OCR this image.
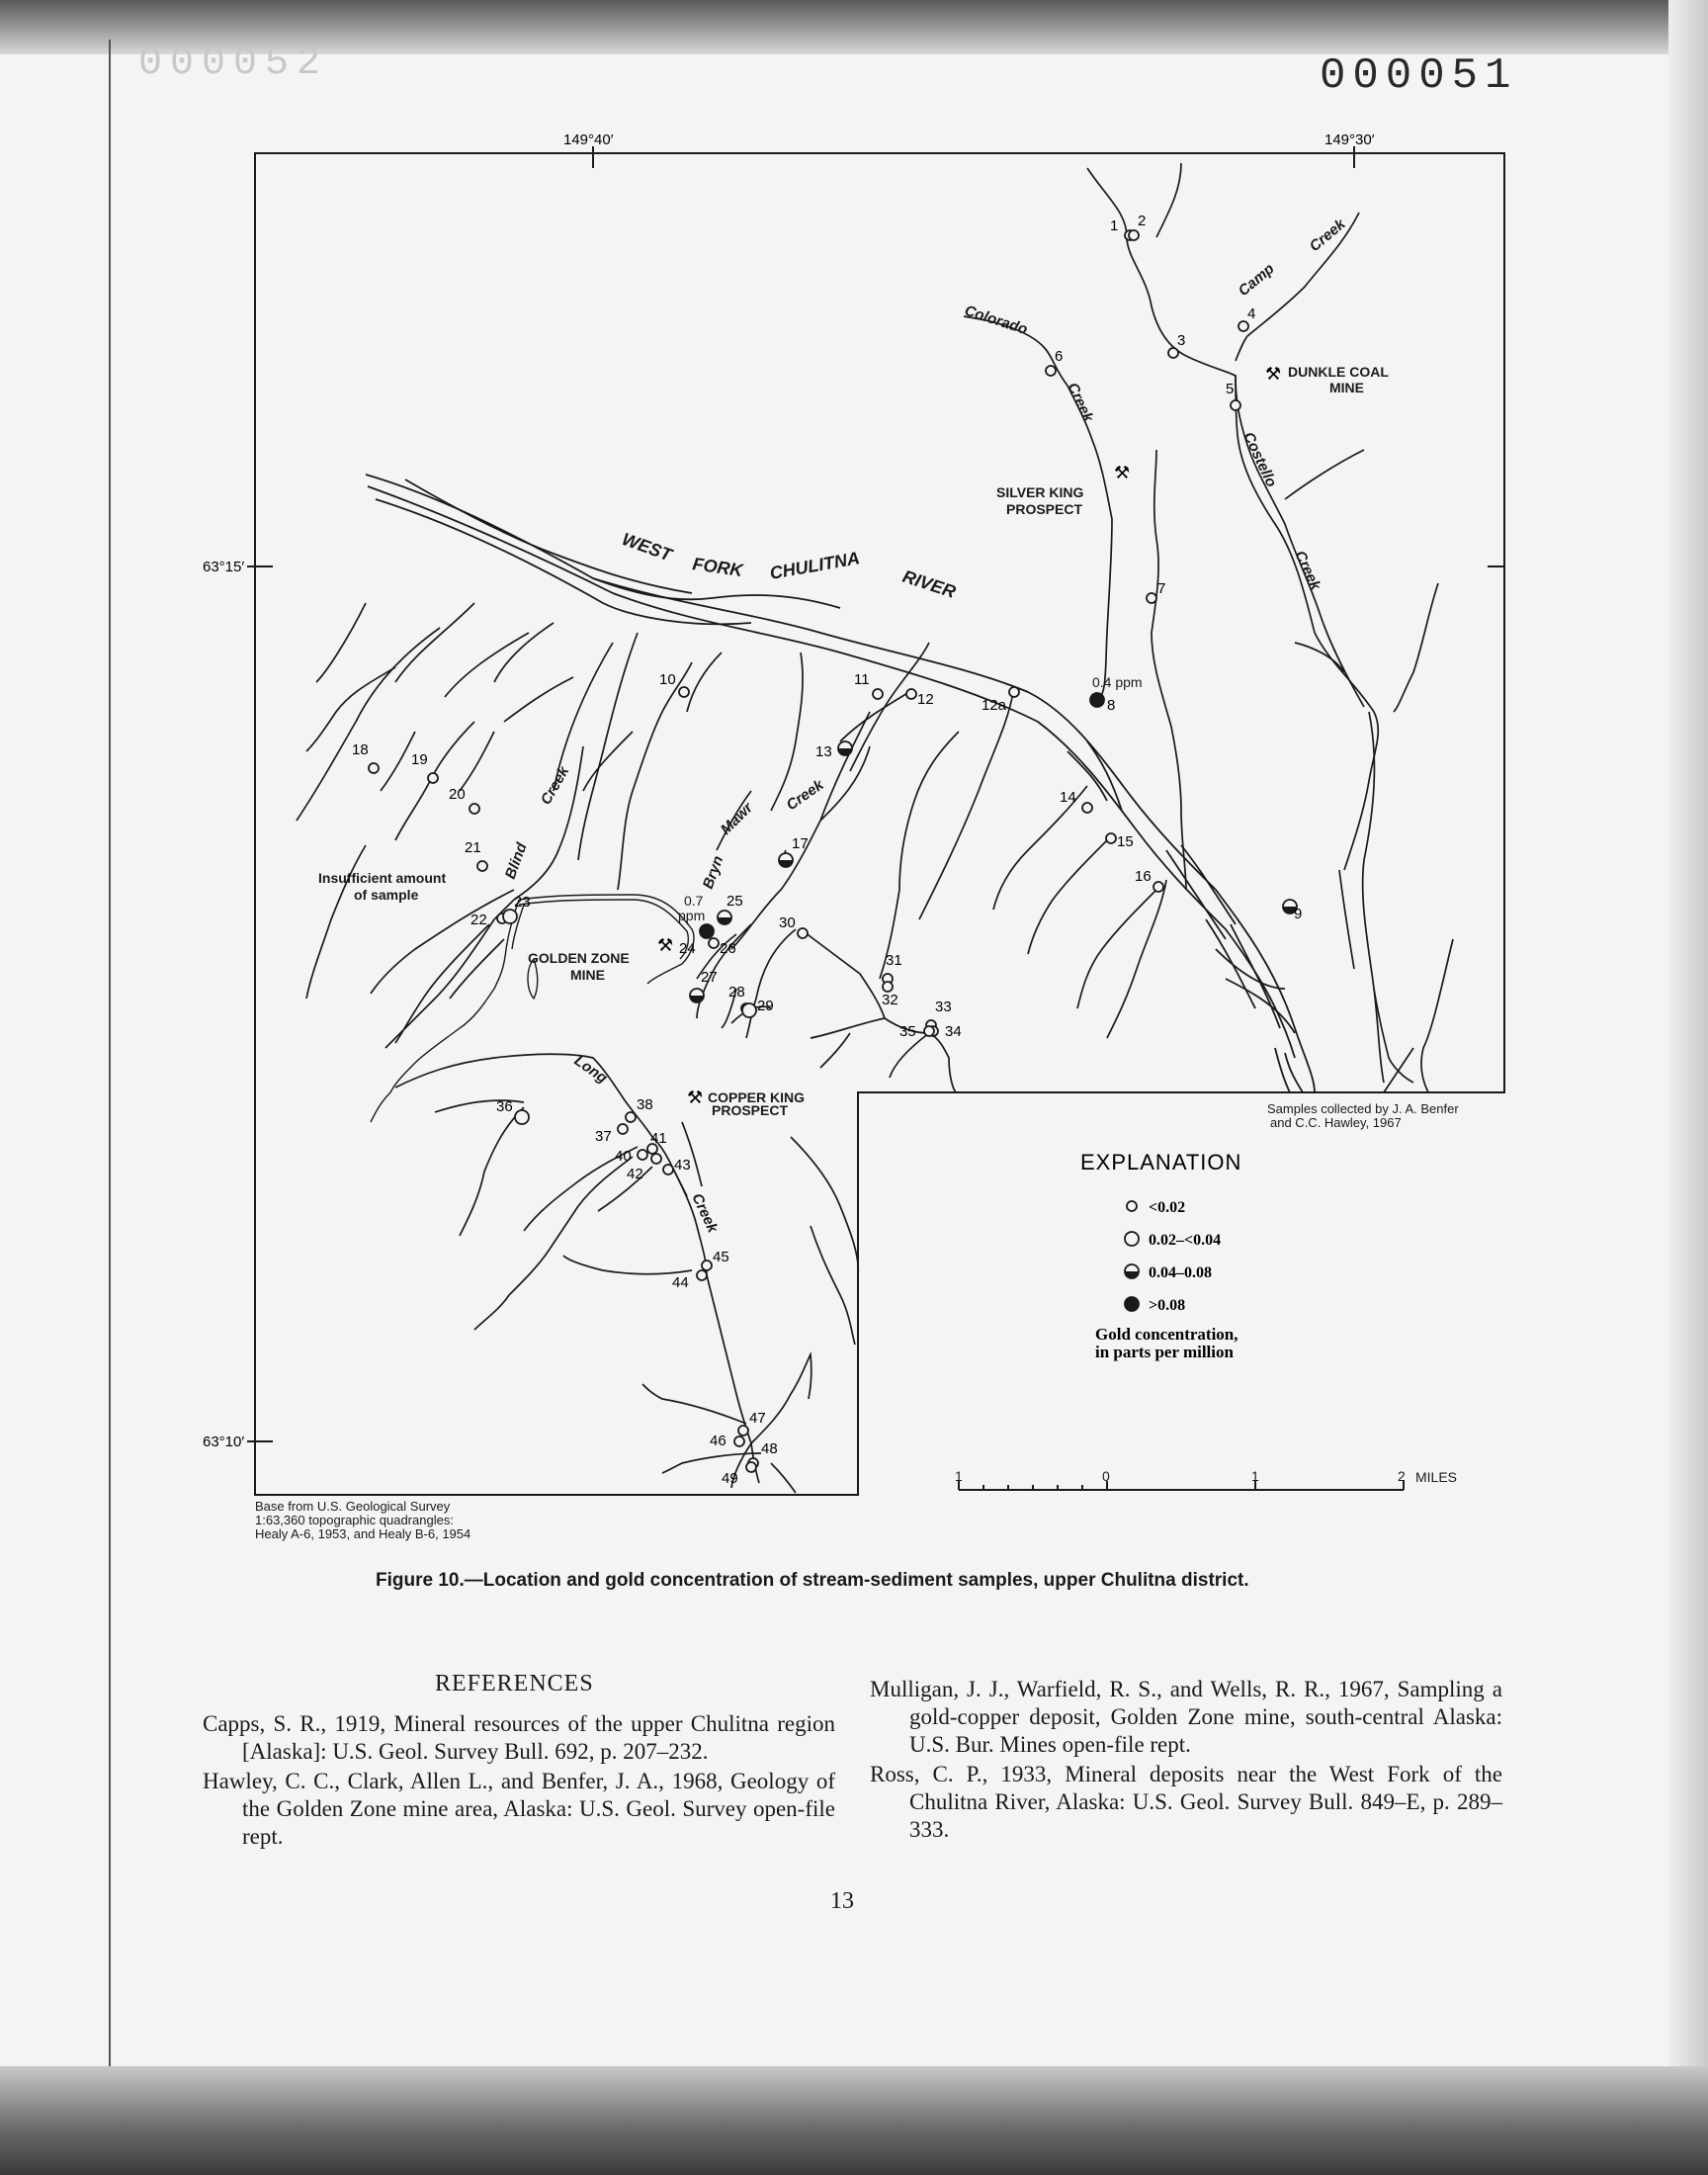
000052	000051
149°40′	149°30′
63°15′
63°10′
⚒
⚒
⚒
⚒
DUNKLE COAL
MINE
SILVER KING
PROSPECT
GOLDEN ZONE
MINE
COPPER KING
PROSPECT
WEST
FORK CHULITNA
RIVER
Colorado
Creek
Camp
Creek
Costello
Creek
Blind
Creek
Bryn
Mawr
Creek
Long
Creek
0.4 ppm
0.7
ppm
Insufficient amount
of sample
Samples collected by J. A. Benfer
and C.C. Hawley, 1967
Base from U.S. Geological Survey
1:63,360 topographic quadrangles:
Healy A-6, 1953, and Healy B-6, 1954
1 2
3
4
5
6
7
8
9
10	11
12	12a
13
14
15
16
17
18
19
20
21
22
23
24
25
26
27
28
29
30
31
32 33
34
35
36
37
38
40
41
42
43
44
45
46
47
48
49
EXPLANATION
<0.02
0.02–<0.04
0.04–0.08
>0.08
Gold concentration,
in parts per million
1	0	1	2 MILES
Figure 10.—Location and gold concentration of stream-sediment samples, upper Chulitna district.
REFERENCES

Capps, S. R., 1919, Mineral resources of the upper Chulitna region [Alaska]: U.S. Geol. Survey Bull. 692, p. 207–232.

Hawley, C. C., Clark, Allen L., and Benfer, J. A., 1968, Geology of the Golden Zone mine area, Alaska: U.S. Geol. Survey open-file rept.

Mulligan, J. J., Warfield, R. S., and Wells, R. R., 1967, Sampling a gold-copper deposit, Golden Zone mine, south-central Alaska: U.S. Bur. Mines open-file rept.

Ross, C. P., 1933, Mineral deposits near the West Fork of the Chulitna River, Alaska: U.S. Geol. Survey Bull. 849–E, p. 289–333.

13
